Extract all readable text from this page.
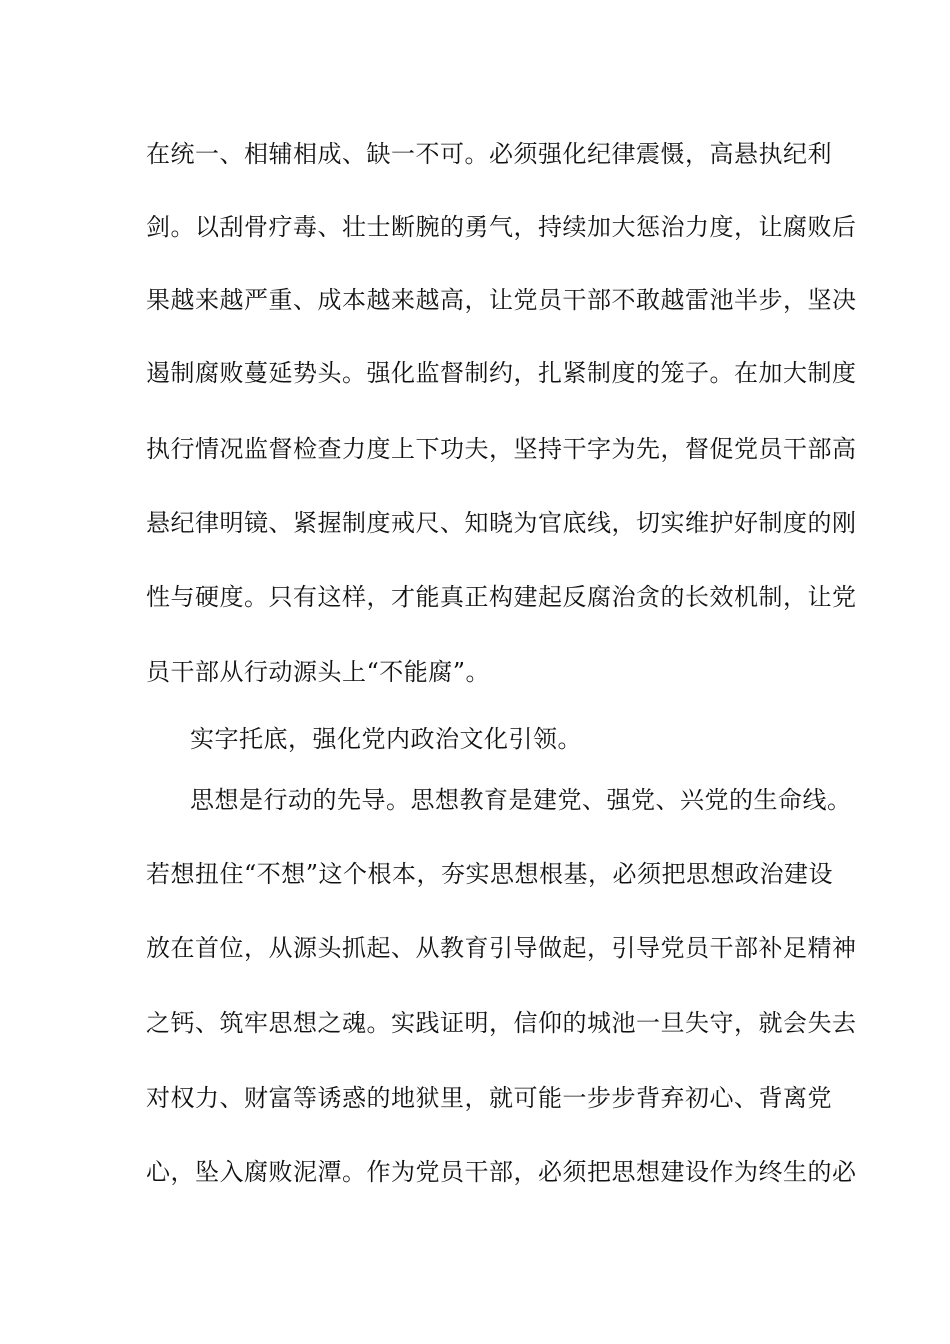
在统一、相辅相成、缺一不可。必须强化纪律震慑，高悬执纪利
剑。以刮骨疗毒、壮士断腕的勇气，持续加大惩治力度，让腐败后
果越来越严重、成本越来越高，让党员干部不敢越雷池半步，坚决
遏制腐败蔓延势头。强化监督制约，扎紧制度的笼子。在加大制度
执行情况监督检查力度上下功夫，坚持干字为先，督促党员干部高
悬纪律明镜、紧握制度戒尺、知晓为官底线，切实维护好制度的刚
性与硬度。只有这样，才能真正构建起反腐治贪的长效机制，让党
员干部从行动源头上“不能腐”。
实字托底，强化党内政治文化引领。
思想是行动的先导。思想教育是建党、强党、兴党的生命线。
若想扭住“不想”这个根本，夯实思想根基，必须把思想政治建设
放在首位，从源头抓起、从教育引导做起，引导党员干部补足精神
之钙、筑牢思想之魂。实践证明，信仰的城池一旦失守，就会失去
对权力、财富等诱惑的地狱里，就可能一步步背弃初心、背离党
心，坠入腐败泥潭。作为党员干部，必须把思想建设作为终生的必
